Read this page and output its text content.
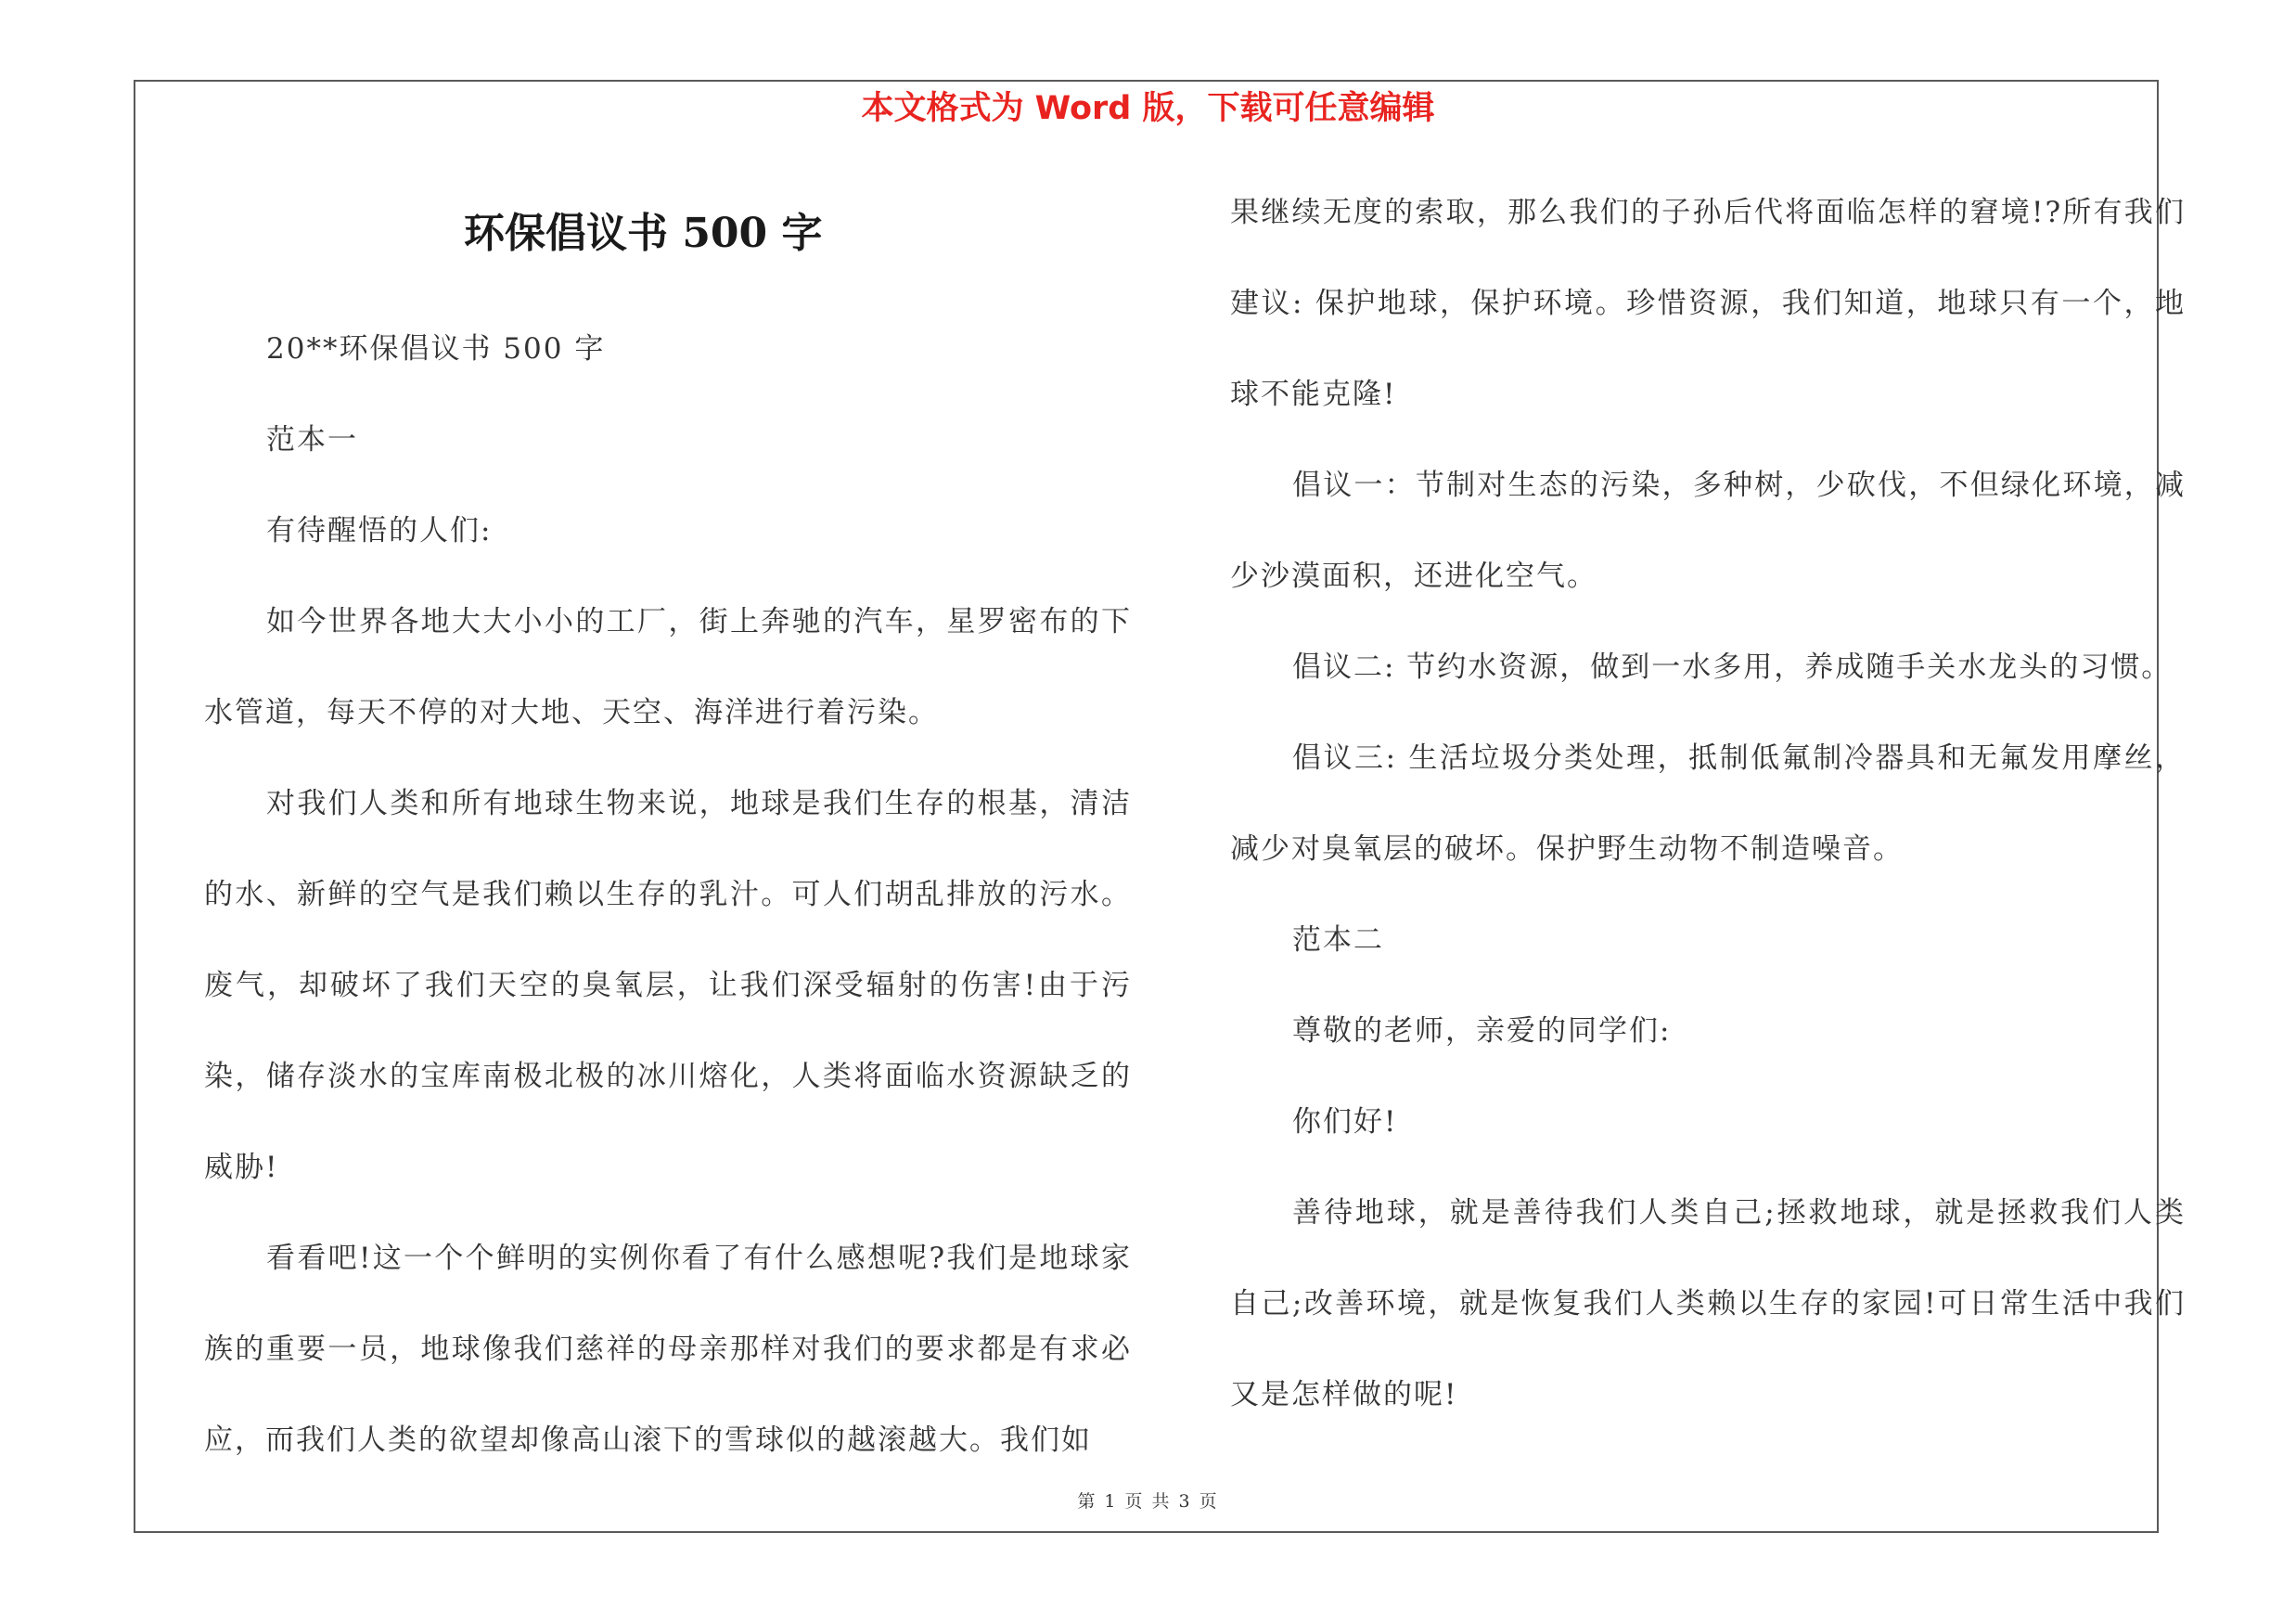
本文格式为 Word 版，下载可任意编辑
环保倡议书 500 字

20**环保倡议书 500 字

范本一

有待醒悟的人们:

如今世界各地大大小小的工厂，街上奔驰的汽车，星罗密布的下水管道，每天不停的对大地、天空、海洋进行着污染。

对我们人类和所有地球生物来说，地球是我们生存的根基，清洁的水、新鲜的空气是我们赖以生存的乳汁。可人们胡乱排放的污水。废气，却破坏了我们天空的臭氧层，让我们深受辐射的伤害!由于污染，储存淡水的宝库南极北极的冰川熔化，人类将面临水资源缺乏的威胁!

看看吧!这一个个鲜明的实例你看了有什么感想呢?我们是地球家族的重要一员，地球像我们慈祥的母亲那样对我们的要求都是有求必应，而我们人类的欲望却像高山滚下的雪球似的越滚越大。我们如

果继续无度的索取，那么我们的子孙后代将面临怎样的窘境!?所有我们建议: 保护地球，保护环境。珍惜资源，我们知道，地球只有一个，地球不能克隆!

倡议一：节制对生态的污染，多种树，少砍伐，不但绿化环境，减少沙漠面积，还进化空气。

倡议二: 节约水资源，做到一水多用，养成随手关水龙头的习惯。

倡议三: 生活垃圾分类处理，抵制低氟制冷器具和无氟发用摩丝，减少对臭氧层的破坏。保护野生动物不制造噪音。

范本二

尊敬的老师，亲爱的同学们:

你们好!

善待地球，就是善待我们人类自己;拯救地球，就是拯救我们人类自己;改善环境，就是恢复我们人类赖以生存的家园!可日常生活中我们又是怎样做的呢!

第 1 页 共 3 页
